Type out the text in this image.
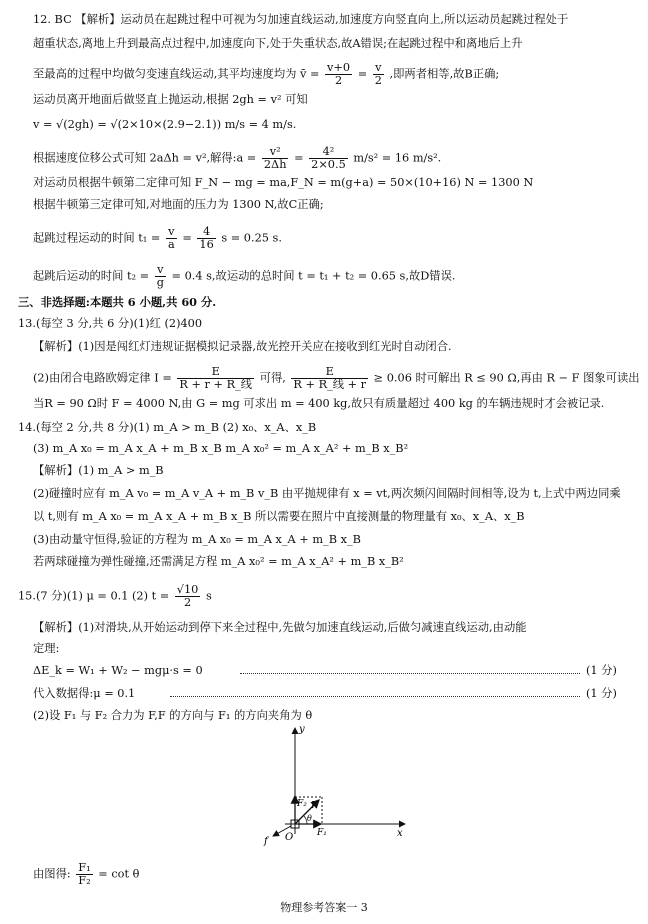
12. BC 【解析】运动员在起跳过程中可视为匀加速直线运动,加速度方向竖直向上,所以运动员起跳过程处于
超重状态,离地上升到最高点过程中,加速度向下,处于失重状态,故A错误;在起跳过程中和离地后上升
至最高的过程中均做匀变速直线运动,其平均速度均为 v̄ = $\frac{v+0}{2} = \frac{v}{2}$ ,即两者相等,故B正确;
运动员离开地面后做竖直上抛运动,根据 2gh = v² 可知
v = √(2gh) = √(2×10×(2.9−2.1)) m/s = 4 m/s.
根据速度位移公式可知 2aΔh = v²,解得:a = $\frac{\text{v²}}{2\Delta h} = \frac{\text{4²}}{2\times 0.5} m/s^2 = 16$ m/s².
对运动员根据牛顿第二定律可知 F_N − mg = ma,F_N = m(g+a) = 50×(10+16) N = 1300 N
根据牛顿第三定律可知,对地面的压力为 1300 N,故C正确;
起跳过程运动的时间 $t_1 = \frac{v}{a} = \frac{4}{16}$ s = 0.25 s.
起跳后运动的时间 $t_2 = \frac{v}{g} = 0.4$ s,故运动的总时间 t = t₁ + t₂ = 0.65 s,故D错误.
三、非选择题:本题共 6 小题,共 60 分.
13.(每空 3 分,共 6 分)(1)红 (2)400
【解析】(1)因是闯红灯违规证据模拟记录器,故光控开关应在接收到红光时自动闭合.
(2)由闭合电路欧姆定律 $I = \frac{E}{\text{R + r + R\_线}}$ 可得, $\frac{E}{\text{R + R\_线 + r}} \ge 0.06$ 时可解出 R ≤ 90 Ω,再由 R − F 图象可读出
当R = 90 Ω时 F = 4000 N,由 G = mg 可求出 m = 400 kg,故只有质量超过 400 kg 的车辆违规时才会被记录.
14.(每空 2 分,共 8 分)(1) m_A > m_B (2) x₀、x_A、x_B
(3) m_A x₀ = m_A x_A + m_B x_B m_A x₀² = m_A x_A² + m_B x_B²
【解析】(1) m_A > m_B
(2)碰撞时应有 m_A v₀ = m_A v_A + m_B v_B 由平抛规律有 x = vt,两次频闪间隔时间相等,设为 t,上式中两边同乘
以 t,则有 m_A x₀ = m_A x_A + m_B x_B 所以需要在照片中直接测量的物理量有 x₀、x_A、x_B
(3)由动量守恒得,验证的方程为 m_A x₀ = m_A x_A + m_B x_B
若两球碰撞为弹性碰撞,还需满足方程 m_A x₀² = m_A x_A² + m_B x_B²
15.(7 分)(1) μ = 0.1 (2) $t = \frac{√10}{2}$ s
【解析】(1)对滑块,从开始运动到停下来全过程中,先做匀加速直线运动,后做匀减速直线运动,由动能
定理:
ΔE_k = W₁ + W₂ − mgμ·s = 0	(1 分)
代入数据得:μ = 0.1	(1 分)
(2)设 F₁ 与 F₂ 合力为 F,F 的方向与 F₁ 的方向夹角为 θ
y
x
O
f
F₂ F
θ
F₁
由图得: $\frac{\text{F₁}}{\text{F₂}} = \cot \theta$
物理参考答案一 3
